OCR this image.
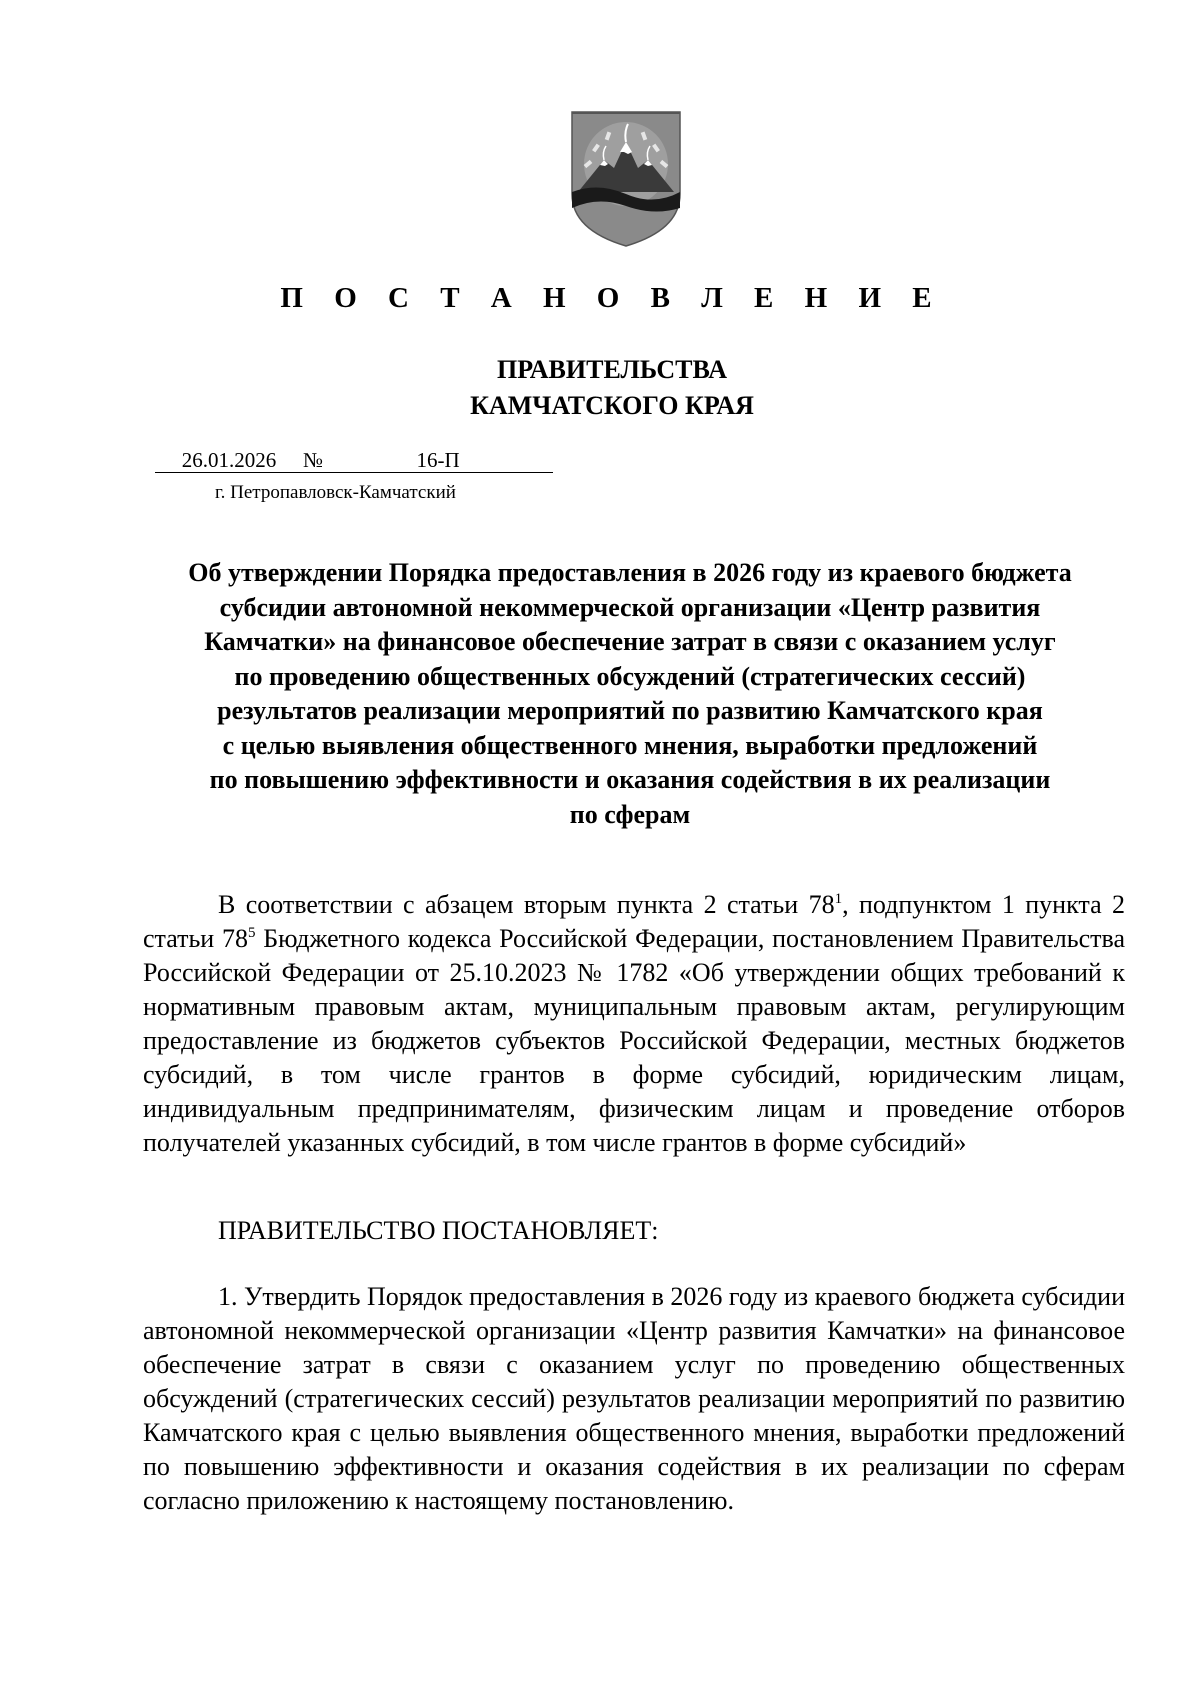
П О С Т А Н О В Л Е Н И Е
ПРАВИТЕЛЬСТВА
КАМЧАТСКОГО КРАЯ
26.01.2026 №	16-П
г. Петропавловск-Камчатский
Об утверждении Порядка предоставления в 2026 году из краевого бюджета
субсидии автономной некоммерческой организации «Центр развития
Камчатки» на финансовое обеспечение затрат в связи с оказанием услуг
по проведению общественных обсуждений (стратегических сессий)
результатов реализации мероприятий по развитию Камчатского края
с целью выявления общественного мнения, выработки предложений
по повышению эффективности и оказания содействия в их реализации
по сферам
В соответствии с абзацем вторым пункта 2 статьи $78^1$, подпунктом 1 пункта 2 статьи $78^5$ Бюджетного кодекса Российской Федерации, постановлением Правительства Российской Федерации от 25.10.2023 № 1782 «Об утверждении общих требований к нормативным правовым актам, муниципальным правовым актам, регулирующим предоставление из бюджетов субъектов Российской Федерации, местных бюджетов субсидий, в том числе грантов в форме субсидий, юридическим лицам, индивидуальным предпринимателям, физическим лицам и проведение отборов получателей указанных субсидий, в том числе грантов в форме субсидий»
ПРАВИТЕЛЬСТВО ПОСТАНОВЛЯЕТ:
1. Утвердить Порядок предоставления в 2026 году из краевого бюджета субсидии автономной некоммерческой организации «Центр развития Камчатки» на финансовое обеспечение затрат в связи с оказанием услуг по проведению общественных обсуждений (стратегических сессий) результатов реализации мероприятий по развитию Камчатского края с целью выявления общественного мнения, выработки предложений по повышению эффективности и оказания содействия в их реализации по сферам согласно приложению к настоящему постановлению.
